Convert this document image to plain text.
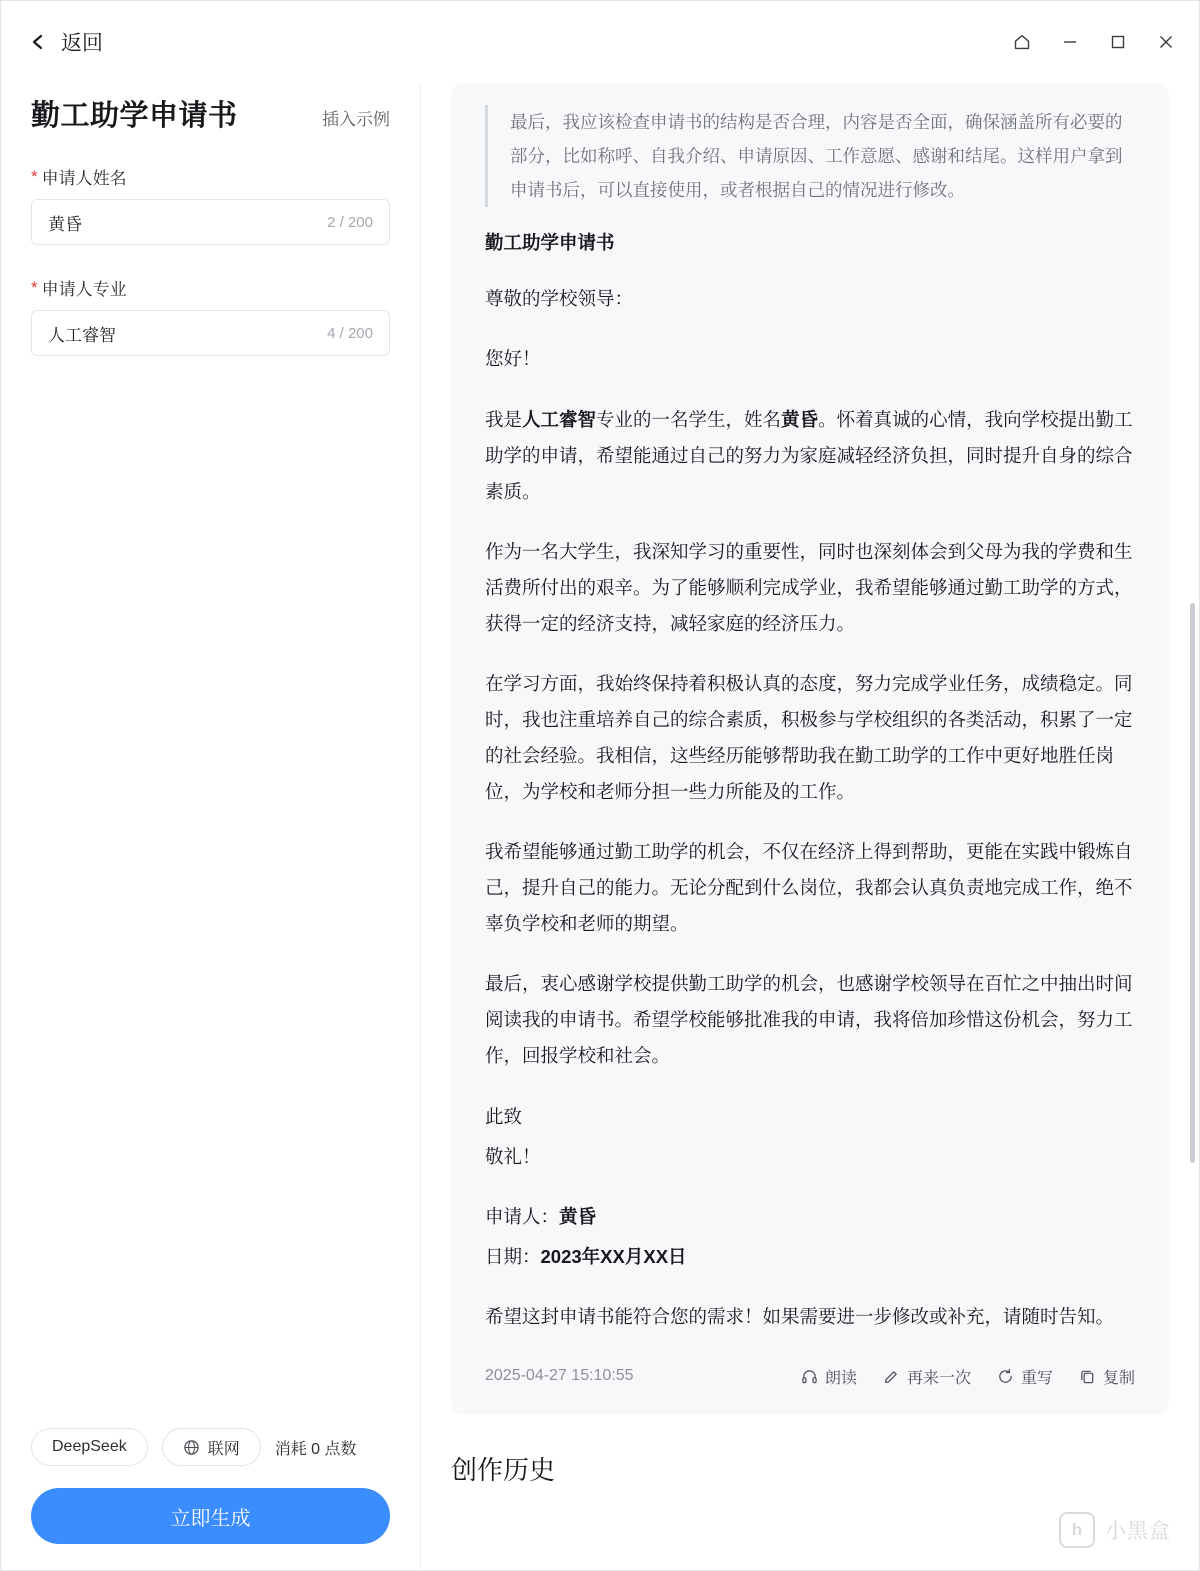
返回
勤工助学申请书	插入示例
* 申请人姓名
黄昏	2 / 200
* 申请人专业
人工睿智	4 / 200
DeepSeek	联网 消耗 0 点数
立即生成
最后，我应该检查申请书的结构是否合理，内容是否全面，确保涵盖所有必要的部分，比如称呼、自我介绍、申请原因、工作意愿、感谢和结尾。这样用户拿到申请书后，可以直接使用，或者根据自己的情况进行修改。
勤工助学申请书

尊敬的学校领导：

您好！

我是人工睿智专业的一名学生，姓名黄昏。怀着真诚的心情，我向学校提出勤工助学的申请，希望能通过自己的努力为家庭减轻经济负担，同时提升自身的综合素质。

作为一名大学生，我深知学习的重要性，同时也深刻体会到父母为我的学费和生活费所付出的艰辛。为了能够顺利完成学业，我希望能够通过勤工助学的方式，获得一定的经济支持，减轻家庭的经济压力。

在学习方面，我始终保持着积极认真的态度，努力完成学业任务，成绩稳定。同时，我也注重培养自己的综合素质，积极参与学校组织的各类活动，积累了一定的社会经验。我相信，这些经历能够帮助我在勤工助学的工作中更好地胜任岗位，为学校和老师分担一些力所能及的工作。

我希望能够通过勤工助学的机会，不仅在经济上得到帮助，更能在实践中锻炼自己，提升自己的能力。无论分配到什么岗位，我都会认真负责地完成工作，绝不辜负学校和老师的期望。

最后，衷心感谢学校提供勤工助学的机会，也感谢学校领导在百忙之中抽出时间阅读我的申请书。希望学校能够批准我的申请，我将倍加珍惜这份机会，努力工作，回报学校和社会。

此致

敬礼！

申请人：黄昏

日期：2023年XX月XX日

希望这封申请书能符合您的需求！如果需要进一步修改或补充，请随时告知。

2025-04-27 15:10:55	朗读	再来一次	重写	复制
创作历史
h	小黑盒
